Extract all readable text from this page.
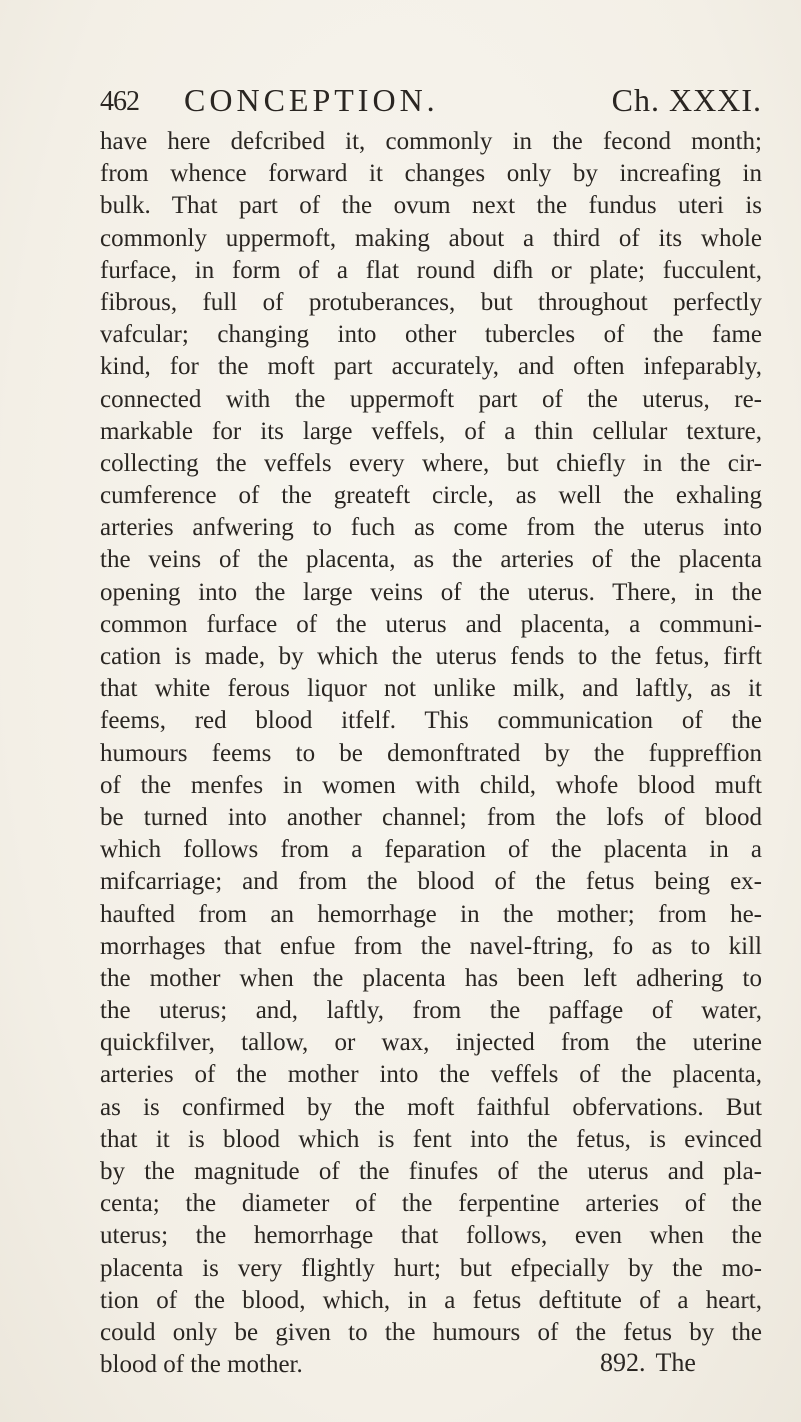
462 CONCEPTION.	Ch. XXXI.
have here defcribed it, commonly in the fecond month;
from whence forward it changes only by increafing in
bulk. That part of the ovum next the fundus uteri is
commonly uppermoft, making about a third of its whole
furface, in form of a flat round difh or plate; fucculent,
fibrous, full of protuberances, but throughout perfectly
vafcular; changing into other tubercles of the fame
kind, for the moft part accurately, and often infeparably,
connected with the uppermoft part of the uterus, re-
markable for its large veffels, of a thin cellular texture,
collecting the veffels every where, but chiefly in the cir-
cumference of the greateft circle, as well the exhaling
arteries anfwering to fuch as come from the uterus into
the veins of the placenta, as the arteries of the placenta
opening into the large veins of the uterus. There, in the
common furface of the uterus and placenta, a communi-
cation is made, by which the uterus fends to the fetus, firft
that white ferous liquor not unlike milk, and laftly, as it
feems, red blood itfelf. This communication of the
humours feems to be demonftrated by the fuppreffion
of the menfes in women with child, whofe blood muft
be turned into another channel; from the lofs of blood
which follows from a feparation of the placenta in a
mifcarriage; and from the blood of the fetus being ex-
haufted from an hemorrhage in the mother; from he-
morrhages that enfue from the navel-ftring, fo as to kill
the mother when the placenta has been left adhering to
the uterus; and, laftly, from the paffage of water,
quickfilver, tallow, or wax, injected from the uterine
arteries of the mother into the veffels of the placenta,
as is confirmed by the moft faithful obfervations. But
that it is blood which is fent into the fetus, is evinced
by the magnitude of the finufes of the uterus and pla-
centa; the diameter of the ferpentine arteries of the
uterus; the hemorrhage that follows, even when the
placenta is very flightly hurt; but efpecially by the mo-
tion of the blood, which, in a fetus deftitute of a heart,
could only be given to the humours of the fetus by the
blood of the mother.	892. The
